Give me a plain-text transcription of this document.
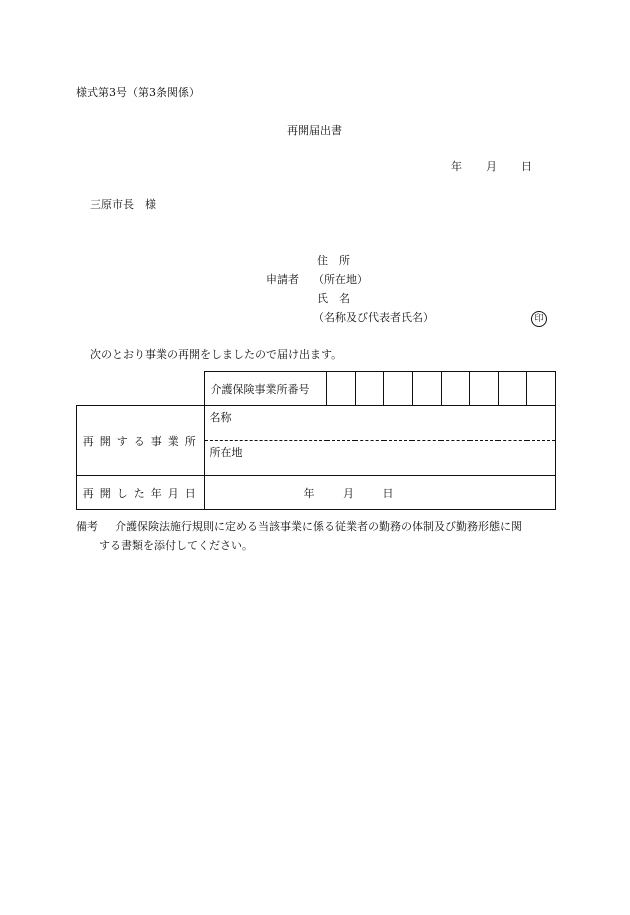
様式第3号（第3条関係）
再開届出書
年 月 日
三原市長　様
住　所
申請者 （所在地）
氏　名
（名称及び代表者氏名）	印
次のとおり事業の再開をしましたので届け出ます。
	介護保険事業所番号								
再開する事業所	名称								

	所在地								

再開した年月日	年 月 日								
備考 介護保険法施行規則に定める当該事業に係る従業者の勤務の体制及び勤務形態に関
する書類を添付してください。
